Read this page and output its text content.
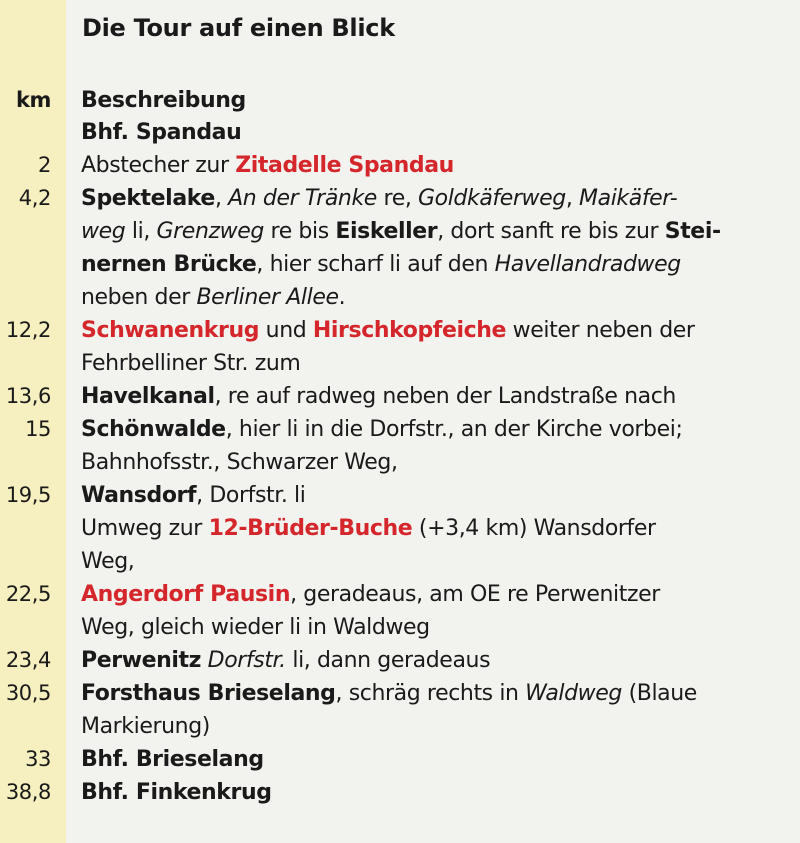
Die Tour auf einen Blick
km Beschreibung
Bhf. Spandau
2 Abstecher zur Zitadelle Spandau
4,2 Spektelake, An der Tränke re, Goldkäferweg, Maikäfer-
weg li, Grenzweg re bis Eiskeller, dort sanft re bis zur Stei-
nernen Brücke, hier scharf li auf den Havellandradweg
neben der Berliner Allee.
12,2 Schwanenkrug und Hirschkopfeiche weiter neben der
Fehrbelliner Str. zum
13,6 Havelkanal, re auf radweg neben der Landstraße nach
15 Schönwalde, hier li in die Dorfstr., an der Kirche vorbei;
Bahnhofsstr., Schwarzer Weg,
19,5 Wansdorf, Dorfstr. li
Umweg zur 12-Brüder-Buche (+3,4 km) Wansdorfer
Weg,
22,5 Angerdorf Pausin, geradeaus, am OE re Perwenitzer
Weg, gleich wieder li in Waldweg
23,4 Perwenitz Dorfstr. li, dann geradeaus
30,5 Forsthaus Brieselang, schräg rechts in Waldweg (Blaue
Markierung)
33 Bhf. Brieselang
38,8 Bhf. Finkenkrug
